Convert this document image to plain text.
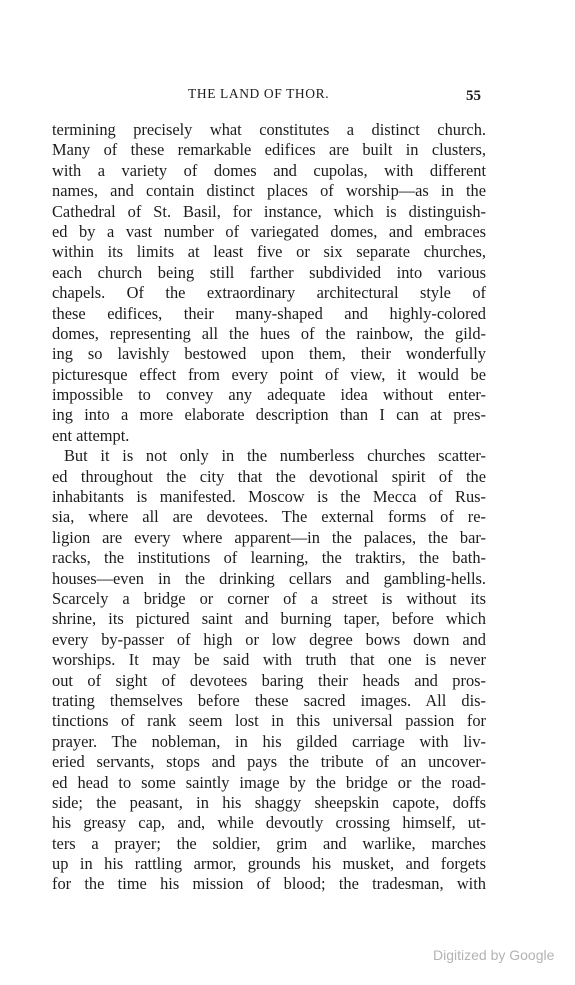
THE LAND OF THOR.	55
termining precisely what constitutes a distinct church.
Many of these remarkable edifices are built in clusters,
with a variety of domes and cupolas, with different
names, and contain distinct places of worship—as in the
Cathedral of St. Basil, for instance, which is distinguish-
ed by a vast number of variegated domes, and embraces
within its limits at least five or six separate churches,
each church being still farther subdivided into various
chapels. Of the extraordinary architectural style of
these edifices, their many-shaped and highly-colored
domes, representing all the hues of the rainbow, the gild-
ing so lavishly bestowed upon them, their wonderfully
picturesque effect from every point of view, it would be
impossible to convey any adequate idea without enter-
ing into a more elaborate description than I can at pres-
ent attempt.
But it is not only in the numberless churches scatter-
ed throughout the city that the devotional spirit of the
inhabitants is manifested. Moscow is the Mecca of Rus-
sia, where all are devotees. The external forms of re-
ligion are every where apparent—in the palaces, the bar-
racks, the institutions of learning, the traktirs, the bath-
houses—even in the drinking cellars and gambling-hells.
Scarcely a bridge or corner of a street is without its
shrine, its pictured saint and burning taper, before which
every by-passer of high or low degree bows down and
worships. It may be said with truth that one is never
out of sight of devotees baring their heads and pros-
trating themselves before these sacred images. All dis-
tinctions of rank seem lost in this universal passion for
prayer. The nobleman, in his gilded carriage with liv-
eried servants, stops and pays the tribute of an uncover-
ed head to some saintly image by the bridge or the road-
side; the peasant, in his shaggy sheepskin capote, doffs
his greasy cap, and, while devoutly crossing himself, ut-
ters a prayer; the soldier, grim and warlike, marches
up in his rattling armor, grounds his musket, and forgets
for the time his mission of blood; the tradesman, with
Digitized by Google
